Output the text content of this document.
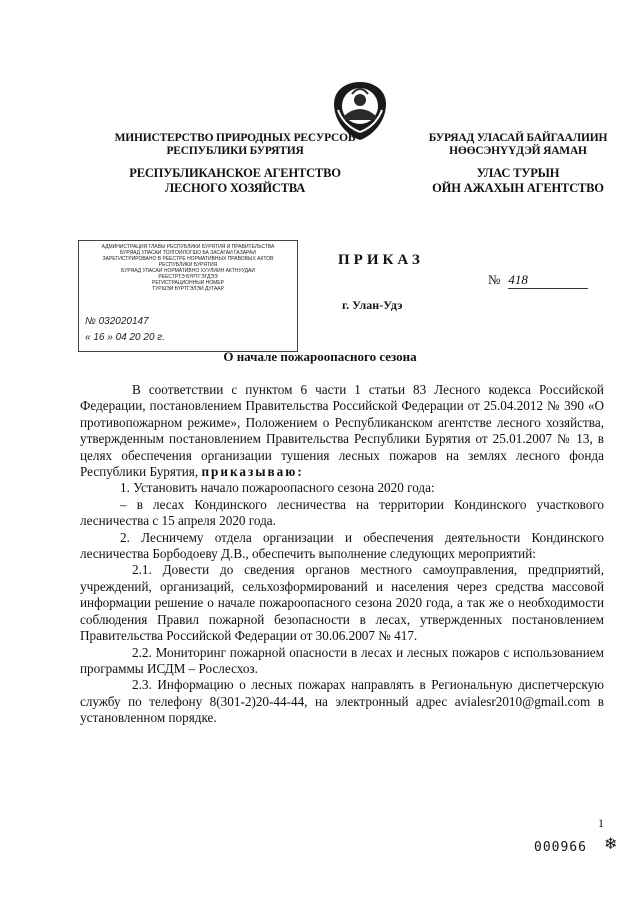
МИНИСТЕРСТВО ПРИРОДНЫХ РЕСУРСОВ
РЕСПУБЛИКИ БУРЯТИЯ
БУРЯАД УЛАСАЙ БАЙГААЛИИН
НӨӨСЭНҮҮДЭЙ ЯАМАН
РЕСПУБЛИКАНСКОЕ АГЕНТСТВО
ЛЕСНОГО ХОЗЯЙСТВА
УЛАС ТУРЫН
ОЙН АЖАХЫН АГЕНТСТВО
АДМИНИСТРАЦИЯ ГЛАВЫ РЕСПУБЛИКИ БУРЯТИЯ И ПРАВИТЕЛЬСТВА
БУРЯАД УЛАСАЙ ТОЛГОЙЛОГШО БА ЗАСАГАЙ ГАЗАРАЙ
ЗАРЕГИСТРИРОВАНО В РЕЕСТРЕ НОРМАТИВНЫХ ПРАВОВЫХ АКТОВ
РЕСПУБЛИКИ БУРЯТИЯ
БУРЯАД УЛАСАЙ НОРМАТИВНО ХУУЛИИН АКТНУУДАЙ
РЕЕСТРТЭ БҮРТГЭГДЭЭ
РЕГИСТРАЦИОННЫЙ НОМЕР
ТУРШЭЙ БҮРТГЭЛЭЙ ДУГААР
№ 032020147
« 16 » 04 20 20 г.
ПРИКАЗ
№ 418
г. Улан-Удэ
О начале пожароопасного сезона

В соответствии с пунктом 6 части 1 статьи 83 Лесного кодекса Российской Федерации, постановлением Правительства Российской Федерации от 25.04.2012 № 390 «О противопожарном режиме», Положением о Республиканском агентстве лесного хозяйства, утвержденным постановлением Правительства Республики Бурятия от 25.01.2007 № 13, в целях обеспечения организации тушения лесных пожаров на землях лесного фонда Республики Бурятия, приказываю:

1. Установить начало пожароопасного сезона 2020 года:

– в лесах Кондинского лесничества на территории Кондинского участкового лесничества с 15 апреля 2020 года.

2. Лесничему отдела организации и обеспечения деятельности Кондинского лесничества Борбодоеву Д.В., обеспечить выполнение следующих мероприятий:

2.1. Довести до сведения органов местного самоуправления, предприятий, учреждений, организаций, сельхозформирований и населения через средства массовой информации решение о начале пожароопасного сезона 2020 года, а так же о необходимости соблюдения Правил пожарной безопасности в лесах, утвержденных постановлением Правительства Российской Федерации от 30.06.2007 № 417.

2.2. Мониторинг пожарной опасности в лесах и лесных пожаров с использованием программы ИСДМ – Рослесхоз.

2.3. Информацию о лесных пожарах направлять в Региональную диспетчерскую службу по телефону 8(301-2)20-44-44, на электронный адрес avialesr2010@gmail.com в установленном порядке.

1
000966 ❄
